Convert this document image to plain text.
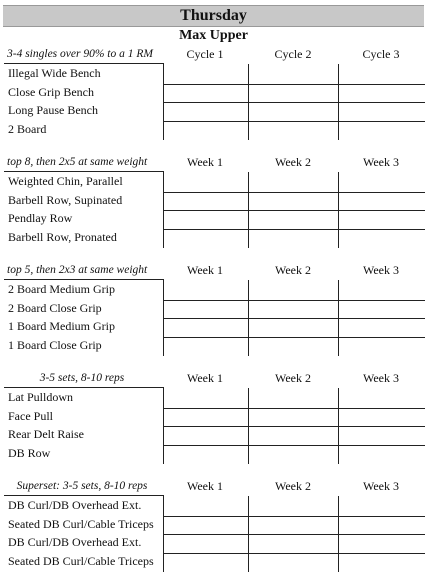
Thursday
Max Upper
3-4 singles over 90% to a 1 RM	Cycle 1	Cycle 2	Cycle 3
Illegal Wide Bench
Close Grip Bench
Long Pause Bench
2 Board
top 8, then 2x5 at same weight	Week 1	Week 2	Week 3
Weighted Chin, Parallel
Barbell Row, Supinated
Pendlay Row
Barbell Row, Pronated
top 5, then 2x3 at same weight	Week 1	Week 2	Week 3
2 Board Medium Grip
2 Board Close Grip
1 Board Medium Grip
1 Board Close Grip
3-5 sets, 8-10 reps	Week 1	Week 2	Week 3
Lat Pulldown
Face Pull
Rear Delt Raise
DB Row
Superset: 3-5 sets, 8-10 reps	Week 1	Week 2	Week 3
DB Curl/DB Overhead Ext.
Seated DB Curl/Cable Triceps
DB Curl/DB Overhead Ext.
Seated DB Curl/Cable Triceps
